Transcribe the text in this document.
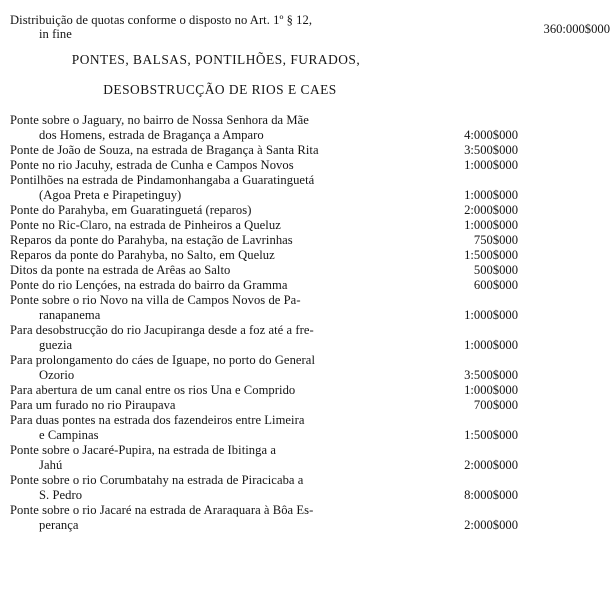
Distribuição de quotas conforme o disposto no Art. 1º § 12,
in fine	360:000$000
PONTES, BALSAS, PONTILHÕES, FURADOS,
DESOBSTRUCÇÃO DE RIOS E CAES
Ponte sobre o Jaguary, no bairro de Nossa Senhora da Mãe
dos Homens, estrada de Bragança a Amparo	4:000$000
Ponte de João de Souza, na estrada de Bragança à Santa Rita	3:500$000
Ponte no rio Jacuhy, estrada de Cunha e Campos Novos	1:000$000
Pontilhões na estrada de Pindamonhangaba a Guaratinguetá
(Agoa Preta e Pirapetinguy)	1:000$000
Ponte do Parahyba, em Guaratinguetá (reparos)	2:000$000
Ponte no Ric-Claro, na estrada de Pinheiros a Queluz	1:000$000
Reparos da ponte do Parahyba, na estação de Lavrinhas	750$000
Reparos da ponte do Parahyba, no Salto, em Queluz	1:500$000
Ditos da ponte na estrada de Arêas ao Salto	500$000
Ponte do rio Lençóes, na estrada do bairro da Gramma	600$000
Ponte sobre o rio Novo na villa de Campos Novos de Pa-
ranapanema	1:000$000
Para desobstrucção do rio Jacupiranga desde a foz até a fre-
guezia	1:000$000
Para prolongamento do cáes de Iguape, no porto do General
Ozorio	3:500$000
Para abertura de um canal entre os rios Una e Comprido	1:000$000
Para um furado no rio Piraupava	700$000
Para duas pontes na estrada dos fazendeiros entre Limeira
e Campinas	1:500$000
Ponte sobre o Jacaré-Pupira, na estrada de Ibitinga a
Jahú	2:000$000
Ponte sobre o rio Corumbatahy na estrada de Piracicaba a
S. Pedro	8:000$000
Ponte sobre o rio Jacaré na estrada de Araraquara à Bôa Es-
perança	2:000$000
